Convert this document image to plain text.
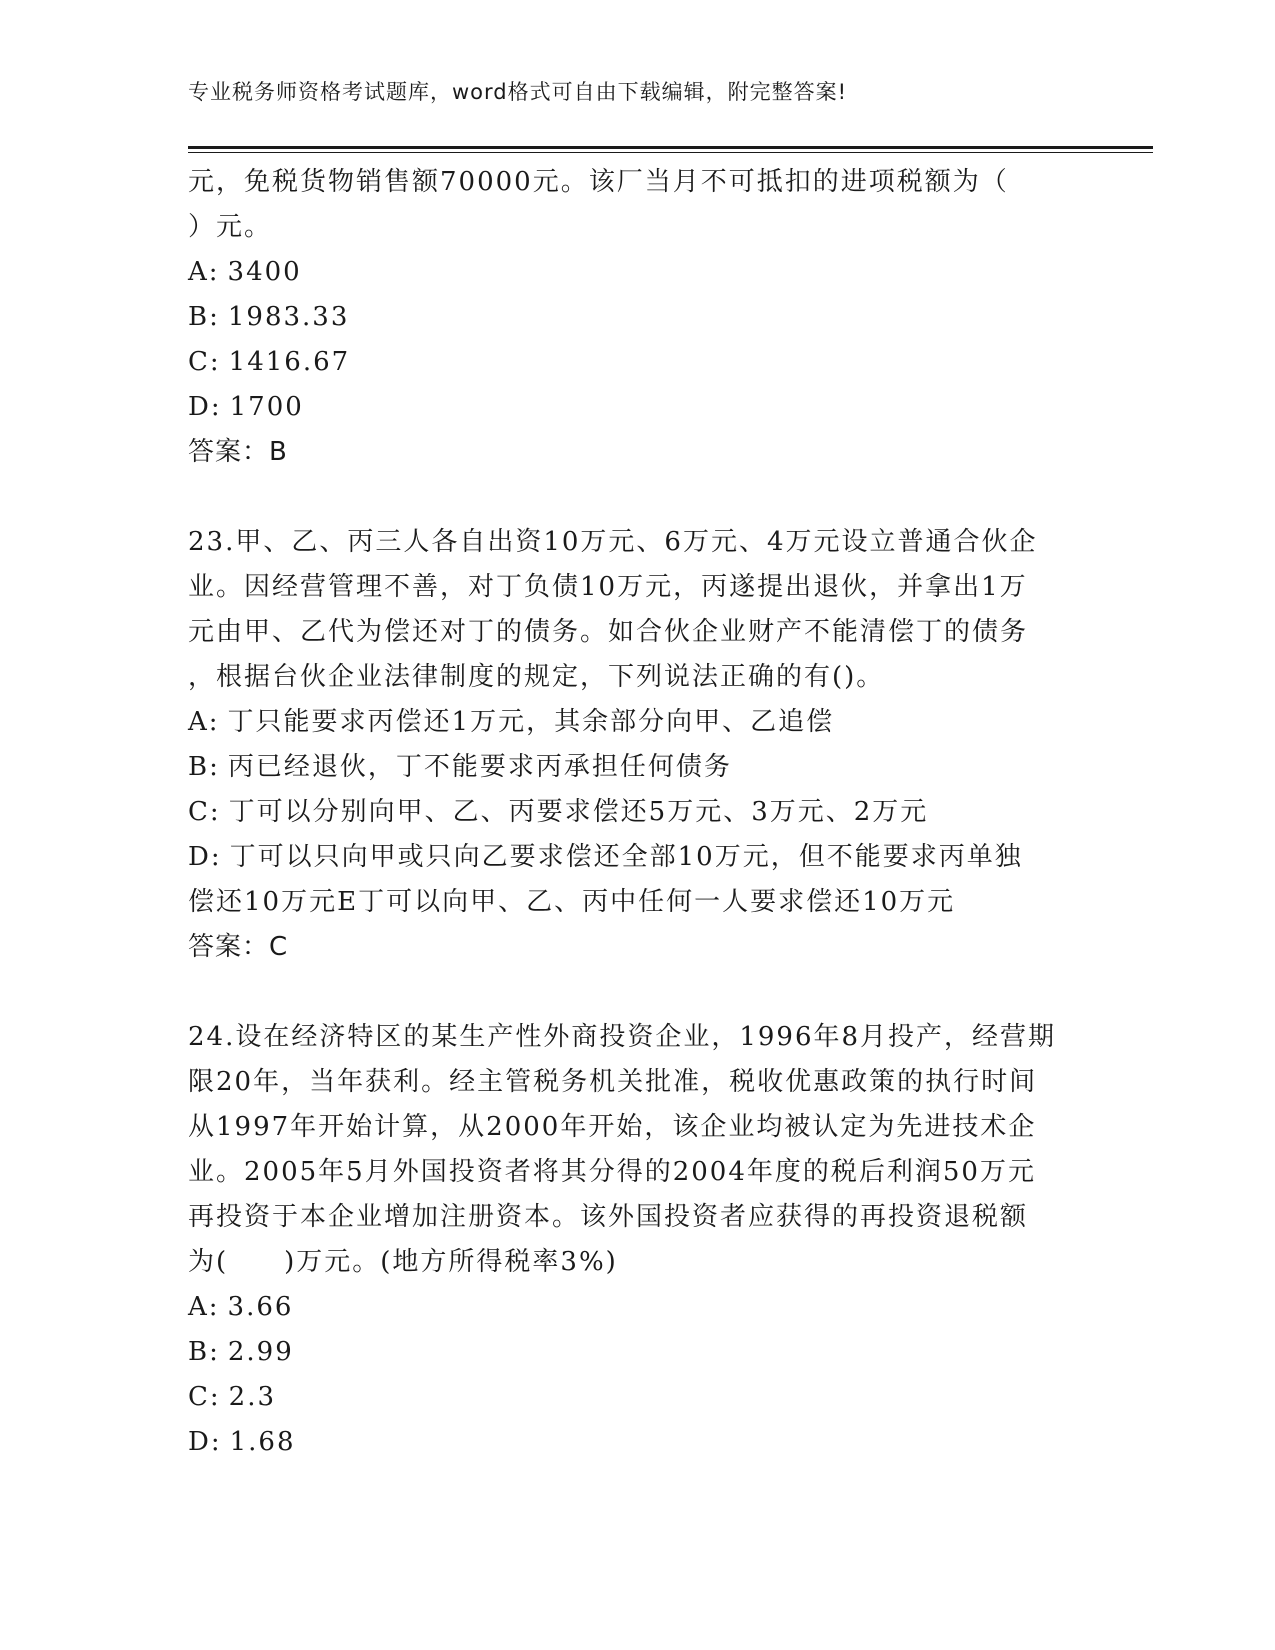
专业税务师资格考试题库，word格式可自由下载编辑，附完整答案!
元，免税货物销售额70000元。该厂当月不可抵扣的进项税额为（
）元。
A: 3400
B: 1983.33
C: 1416.67
D: 1700
答案：B
23.甲、乙、丙三人各自出资10万元、6万元、4万元设立普通合伙企
业。因经营管理不善，对丁负债10万元，丙遂提出退伙，并拿出1万
元由甲、乙代为偿还对丁的债务。如合伙企业财产不能清偿丁的债务
，根据台伙企业法律制度的规定，下列说法正确的有()。
A: 丁只能要求丙偿还1万元，其余部分向甲、乙追偿
B: 丙已经退伙，丁不能要求丙承担任何债务
C: 丁可以分别向甲、乙、丙要求偿还5万元、3万元、2万元
D: 丁可以只向甲或只向乙要求偿还全部10万元，但不能要求丙单独
偿还10万元E丁可以向甲、乙、丙中任何一人要求偿还10万元
答案：C
24.设在经济特区的某生产性外商投资企业，1996年8月投产，经营期
限20年，当年获利。经主管税务机关批准，税收优惠政策的执行时间
从1997年开始计算，从2000年开始，该企业均被认定为先进技术企
业。2005年5月外国投资者将其分得的2004年度的税后利润50万元
再投资于本企业增加注册资本。该外国投资者应获得的再投资退税额
为(　　)万元。(地方所得税率3%)
A: 3.66
B: 2.99
C: 2.3
D: 1.68
